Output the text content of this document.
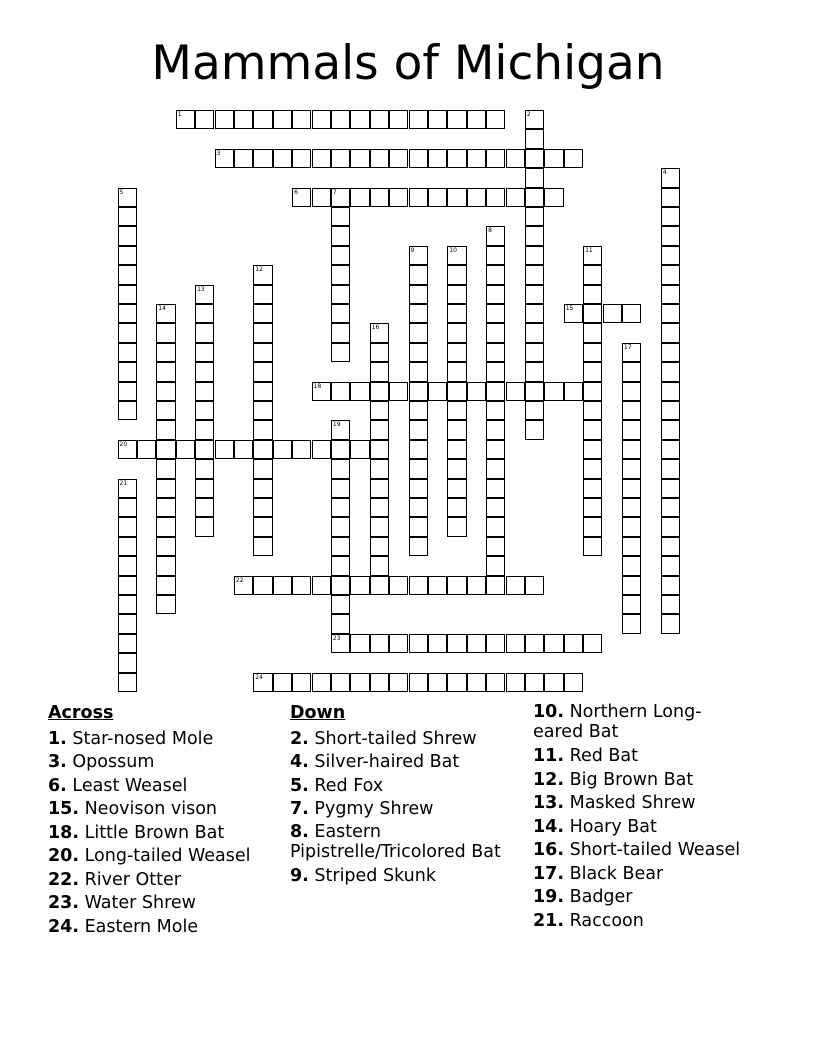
Mammals of Michigan
1	2
3
4
5	6	7
8
9	10	11
12
13
14	15
16
17
18
19
23
20
21
22
24
Across
1. Star-nosed Mole
3. Opossum
6. Least Weasel
15. Neovison vison
18. Little Brown Bat
20. Long-tailed Weasel
22. River Otter
23. Water Shrew
24. Eastern Mole
Down
2. Short-tailed Shrew
4. Silver-haired Bat
5. Red Fox
7. Pygmy Shrew
8. Eastern Pipistrelle/Tricolored Bat
9. Striped Skunk
10. Northern Long-eared Bat
11. Red Bat
12. Big Brown Bat
13. Masked Shrew
14. Hoary Bat
16. Short-tailed Weasel
17. Black Bear
19. Badger
21. Raccoon
